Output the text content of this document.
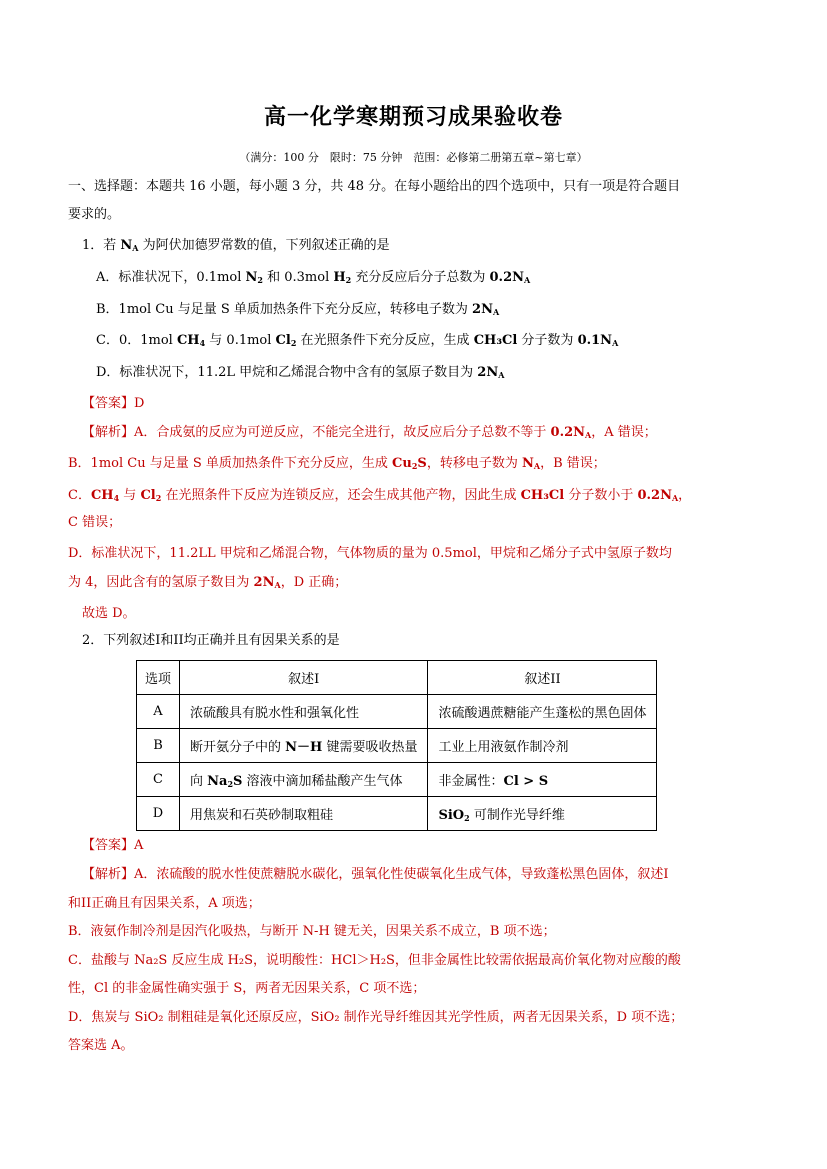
高一化学寒期预习成果验收卷
（满分：100 分　限时：75 分钟　范围：必修第二册第五章~第七章）
一、选择题：本题共 16 小题，每小题 3 分，共 48 分。在每小题给出的四个选项中，只有一项是符合题目
要求的。
1．若 $N_A$ 为阿伏加德罗常数的值，下列叙述正确的是
A．标准状况下，0.1mol $N_2$ 和 0.3mol $H_2$ 充分反应后分子总数为 $0.2N_A$
B．1mol Cu 与足量 S 单质加热条件下充分反应，转移电子数为 $2N_A$
C．0．1mol $CH_4$ 与 0.1mol $Cl_2$ 在光照条件下充分反应，生成 CH₃Cl 分子数为 $0.1N_A$
D．标准状况下，11.2L 甲烷和乙烯混合物中含有的氢原子数目为 $2N_A$
【答案】D
【解析】A．合成氨的反应为可逆反应，不能完全进行，故反应后分子总数不等于 $0.2N_A$，A 错误；
B．1mol Cu 与足量 S 单质加热条件下充分反应，生成 $Cu_2S$，转移电子数为 $N_A$，B 错误；
C．$CH_4$ 与 $Cl_2$ 在光照条件下反应为连锁反应，还会生成其他产物，因此生成 CH₃Cl 分子数小于 $0.2N_A$，
C 错误；
D．标准状况下，11.2LL 甲烷和乙烯混合物，气体物质的量为 0.5mol，甲烷和乙烯分子式中氢原子数均
为 4，因此含有的氢原子数目为 $2N_A$，D 正确；
故选 D。
2．下列叙述I和II均正确并且有因果关系的是
选项	叙述I	叙述II
A	浓硫酸具有脱水性和强氧化性	浓硫酸遇蔗糖能产生蓬松的黑色固体
B	断开氨分子中的 N－H 键需要吸收热量	工业上用液氨作制冷剂
C	向 $Na_2S$ 溶液中滴加稀盐酸产生气体	非金属性：Cl > S
D	用焦炭和石英砂制取粗硅	SiO$_2$ 可制作光导纤维
【答案】A
【解析】A．浓硫酸的脱水性使蔗糖脱水碳化，强氧化性使碳氧化生成气体，导致蓬松黑色固体，叙述I
和II正确且有因果关系，A 项选；
B．液氨作制冷剂是因汽化吸热，与断开 N-H 键无关，因果关系不成立，B 项不选；
C．盐酸与 Na₂S 反应生成 H₂S，说明酸性：HCl＞H₂S，但非金属性比较需依据最高价氧化物对应酸的酸
性，Cl 的非金属性确实强于 S，两者无因果关系，C 项不选；
D．焦炭与 SiO₂ 制粗硅是氧化还原反应，SiO₂ 制作光导纤维因其光学性质，两者无因果关系，D 项不选；
答案选 A。
